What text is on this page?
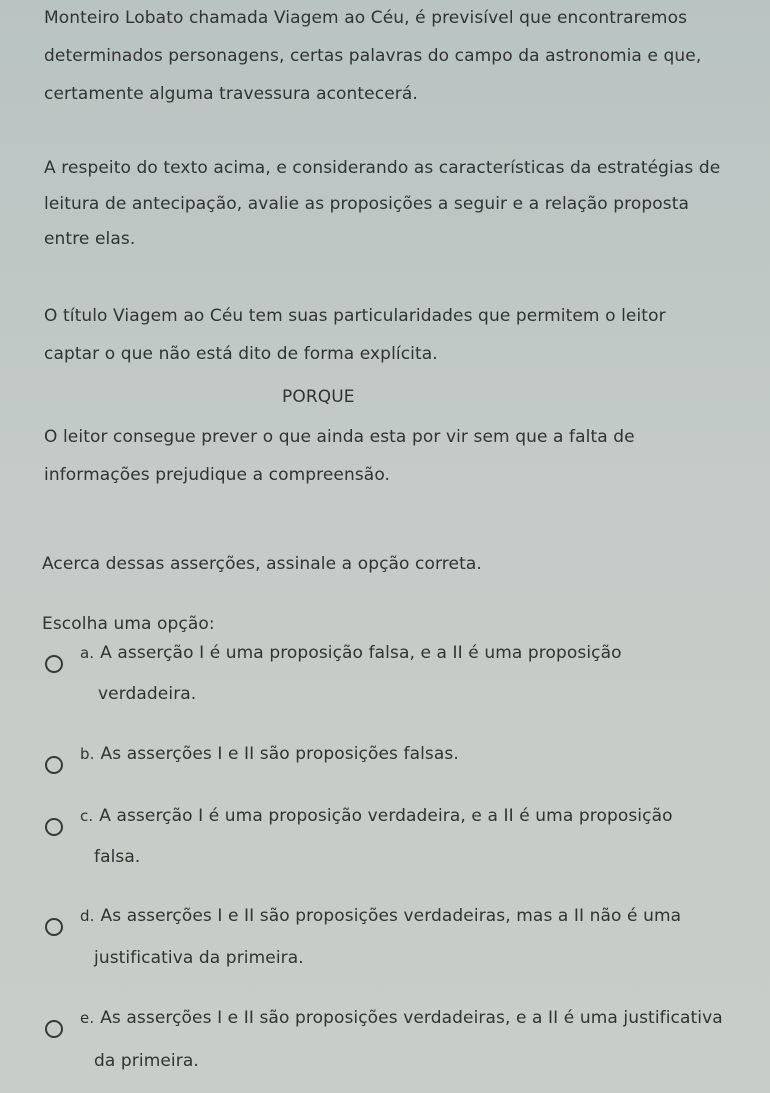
Monteiro Lobato chamada Viagem ao Céu, é previsível que encontraremos
determinados personagens, certas palavras do campo da astronomia e que,
certamente alguma travessura acontecerá.
A respeito do texto acima, e considerando as características da estratégias de
leitura de antecipação, avalie as proposições a seguir e a relação proposta
entre elas.
O título Viagem ao Céu tem suas particularidades que permitem o leitor
captar o que não está dito de forma explícita.
PORQUE
O leitor consegue prever o que ainda esta por vir sem que a falta de
informações prejudique a compreensão.
Acerca dessas asserções, assinale a opção correta.
Escolha uma opção:
a. A asserção I é uma proposição falsa, e a II é uma proposição
verdadeira.
b. As asserções I e II são proposições falsas.
c. A asserção I é uma proposição verdadeira, e a II é uma proposição
falsa.
d. As asserções I e II são proposições verdadeiras, mas a II não é uma
justificativa da primeira.
e. As asserções I e II são proposições verdadeiras, e a II é uma justificativa
da primeira.
